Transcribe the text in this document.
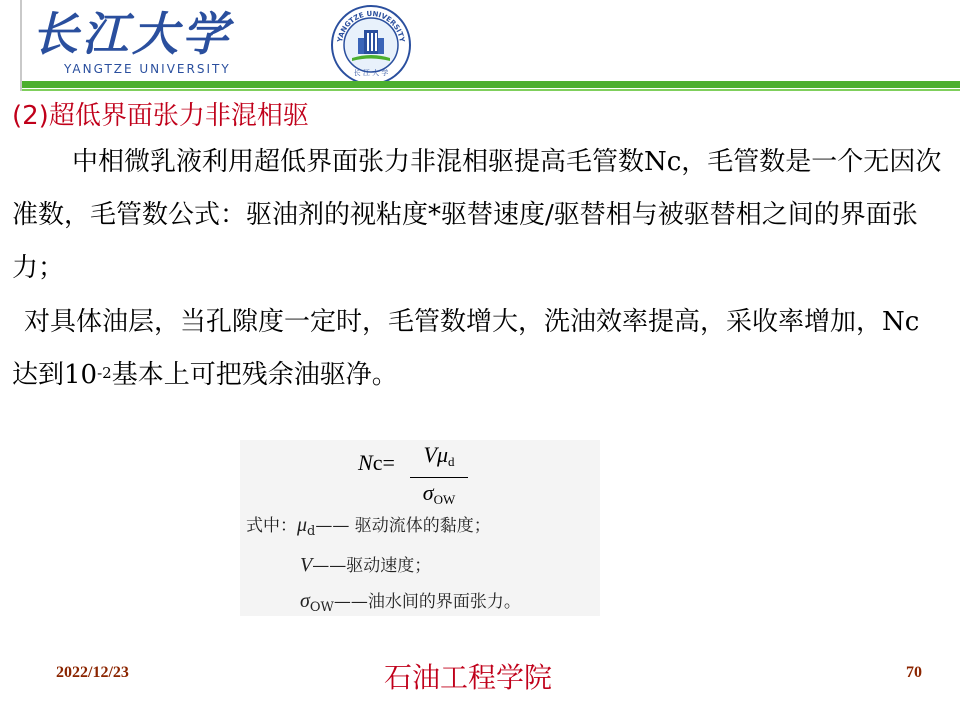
长江大学
YANGTZE UNIVERSITY
YANGTZE UNIVERSITY
长 江 大 学
(2)超低界面张力非混相驱
中相微乳液利用超低界面张力非混相驱提高毛管数Nc，毛管数是一个无因次准数，毛管数公式：驱油剂的视粘度*驱替速度/驱替相与被驱替相之间的界面张力；
对具体油层，当孔隙度一定时，毛管数增大，洗油效率提高，采收率增加，Nc达到$10^{-2}$基本上可把残余油驱净。
Nc=	$V\mu_d$
$\sigma_{OW}$
式中：$\mu_d——$ 驱动流体的黏度；
V——驱动速度；
$\sigma_{OW}——$油水间的界面张力。
2022/12/23	石油工程学院	70
